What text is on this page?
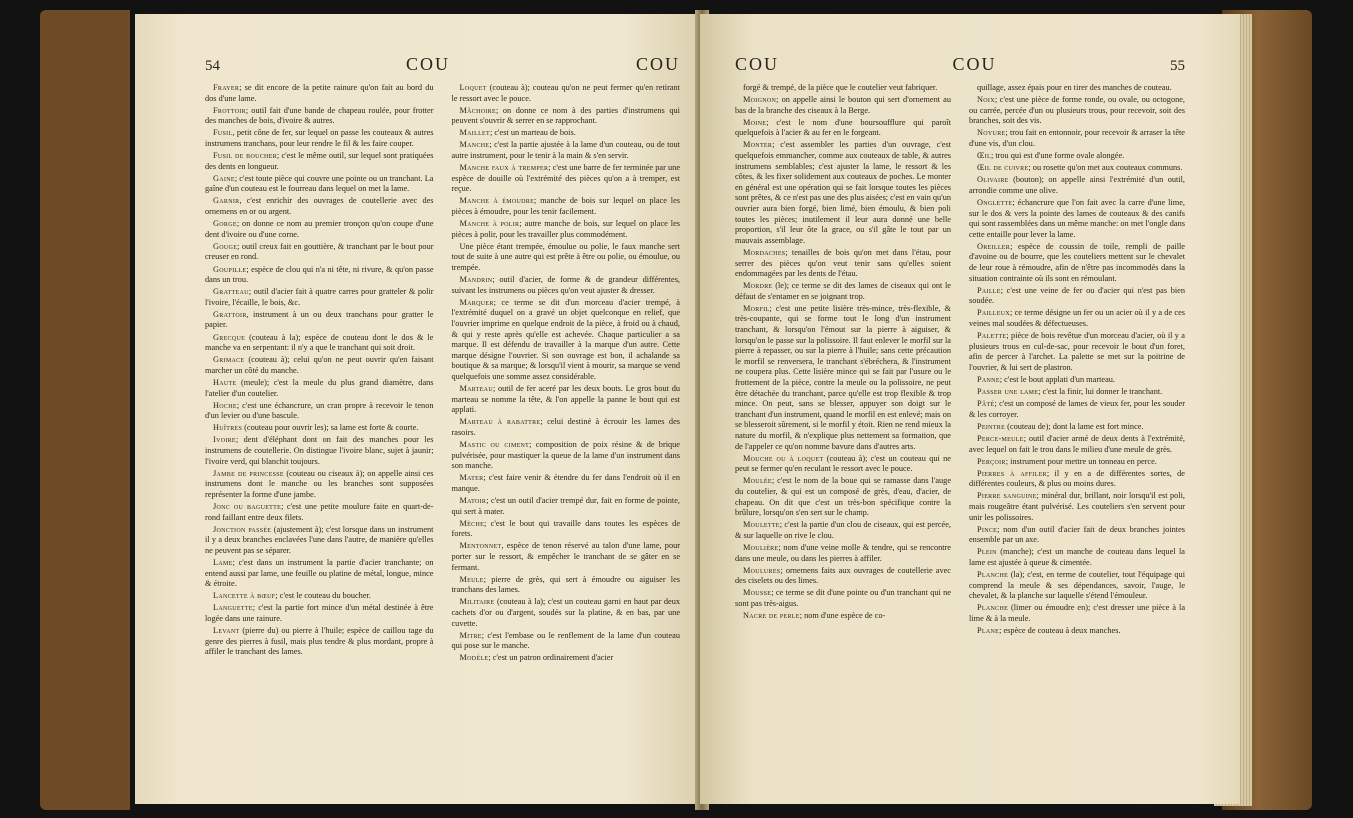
54	COU	COU

Frayer; se dit encore de la petite rainure qu'on fait au bord du dos d'une lame.

Frottoir; outil fait d'une bande de chapeau roulée, pour frotter des manches de bois, d'ivoire & autres.

Fusil, petit cône de fer, sur lequel on passe les couteaux & autres instrumens tranchans, pour leur rendre le fil & les faire couper.

Fusil de boucher; c'est le même outil, sur lequel sont pratiquées des dents en longueur.

Gaine; c'est toute pièce qui couvre une pointe ou un tranchant. La gaîne d'un couteau est le fourreau dans lequel on met la lame.

Garnir, c'est enrichir des ouvrages de coutellerie avec des ornemens en or ou argent.

Gorge; on donne ce nom au premier tronçon qu'on coupe d'une dent d'ivoire ou d'une corne.

Gouge; outil creux fait en gouttière, & tranchant par le bout pour creuser en rond.

Goupille; espèce de clou qui n'a ni tête, ni rivure, & qu'on passe dans un trou.

Gratteau; outil d'acier fait à quatre carres pour gratteler & polir l'ivoire, l'écaille, le bois, &c.

Grattoir, instrument à un ou deux tranchans pour gratter le papier.

Grecque (couteau à la); espèce de couteau dont le dos & le manche va en serpentant: il n'y a que le tranchant qui soit droit.

Grimace (couteau à); celui qu'on ne peut ouvrir qu'en faisant marcher un côté du manche.

Haute (meule); c'est la meule du plus grand diamètre, dans l'atelier d'un coutelier.

Hoche; c'est une échancrure, un cran propre à recevoir le tenon d'un levier ou d'une bascule.

Huîtres (couteau pour ouvrir les); sa lame est forte & courte.

Ivoire; dent d'éléphant dont on fait des manches pour les instrumens de coutellerie. On distingue l'ivoire blanc, sujet à jaunir; l'ivoire verd, qui blanchit toujours.

Jambe de princesse (couteau ou ciseaux à); on appelle ainsi ces instrumens dont le manche ou les branches sont supposées représenter la forme d'une jambe.

Jonc ou baguette; c'est une petite moulure faite en quart-de-rond faillant entre deux filets.

Jonction passée (ajustement à); c'est lorsque dans un instrument il y a deux branches enclavées l'une dans l'autre, de manière qu'elles ne peuvent pas se séparer.

Lame; c'est dans un instrument la partie d'acier tranchante; on entend aussi par lame, une feuille ou platine de métal, longue, mince & étroite.

Lancette à bœuf; c'est le couteau du boucher.

Languette; c'est la partie fort mince d'un métal destinée à être logée dans une rainure.

Levant (pierre du) ou pierre à l'huile; espèce de caillou tage du genre des pierres à fusil, mais plus tendre & plus mordant, propre à affiler le tranchant des lames.

Loquet (couteau à); couteau qu'on ne peut fermer qu'en retirant le ressort avec le pouce.

Mâchoire; on donne ce nom à des parties d'instrumens qui peuvent s'ouvrir & serrer en se rapprochant.

Maillet; c'est un marteau de bois.

Manche; c'est la partie ajustée à la lame d'un couteau, ou de tout autre instrument, pour le tenir à la main & s'en servir.

Manche faux à tremper; c'est une barre de fer terminée par une espèce de douille où l'extrémité des pièces qu'on a à tremper, est reçue.

Manche à émoudre; manche de bois sur lequel on place les pièces à émoudre, pour les tenir facilement.

Manche à polir; autre manche de bois, sur lequel on place les pièces à polir, pour les travailler plus commodément.

Une pièce étant trempée, émoulue ou polie, le faux manche sert tout de suite à une autre qui est prête à être ou polie, ou émoulue, ou trempée.

Mandrin; outil d'acier, de forme & de grandeur différentes, suivant les instrumens ou pièces qu'on veut ajuster & dresser.

Marquer; ce terme se dit d'un morceau d'acier trempé, à l'extrémité duquel on a gravé un objet quelconque en relief, que l'ouvrier imprime en quelque endroit de la pièce, à froid ou à chaud, & qui y reste après qu'elle est achevée. Chaque particulier a sa marque. Il est défendu de travailler à la marque d'un autre. Cette marque désigne l'ouvrier. Si son ouvrage est bon, il achalande sa boutique & sa marque; & lorsqu'il vient à mourir, sa marque se vend quelquefois une somme assez considérable.

Marteau; outil de fer aceré par les deux bouts. Le gros bout du marteau se nomme la tête, & l'on appelle la panne le bout qui est applati.

Marteau à rabattre; celui destiné à écrouir les lames des rasoirs.

Mastic ou ciment; composition de poix résine & de brique pulvérisée, pour mastiquer la queue de la lame d'un instrument dans son manche.

Mater; c'est faire venir & étendre du fer dans l'endroit où il en manque.

Matoir; c'est un outil d'acier trempé dur, fait en forme de pointe, qui sert à mater.

Mèche; c'est le bout qui travaille dans toutes les espèces de forets.

Mentonnet, espèce de tenon réservé au talon d'une lame, pour porter sur le ressort, & empêcher le tranchant de se gâter en se fermant.

Meule; pierre de grès, qui sert à émoudre ou aiguiser les tranchans des lames.

Militaire (couteau à la); c'est un couteau garni en haut par deux cachets d'or ou d'argent, soudés sur la platine, & en bas, par une cuvette.

Mitre; c'est l'embase ou le renflement de la lame d'un couteau qui pose sur le manche.

Modèle; c'est un patron ordinairement d'acier

COU	COU	55

forgé & trempé, de la pièce que le coutelier veut fabriquer.

Moignon; on appelle ainsi le bouton qui sert d'ornement au bas de la branche des ciseaux à la Berge.

Moine; c'est le nom d'une boursoufflure qui paroît quelquefois à l'acier & au fer en le forgeant.

Monter; c'est assembler les parties d'un ouvrage, c'est quelquefois emmancher, comme aux couteaux de table, & autres instrumens semblables; c'est ajuster la lame, le ressort & les côtes, & les fixer solidement aux couteaux de poches. Le monter en général est une opération qui se fait lorsque toutes les pièces sont prêtes, & ce n'est pas une des plus aisées; c'est en vain qu'un ouvrier aura bien forgé, bien limé, bien émoulu, & bien poli toutes les pièces; inutilement il leur aura donné une belle proportion, s'il leur ôte la grace, ou s'il gâte le tout par un mauvais assemblage.

Mordaches; tenailles de bois qu'on met dans l'étau, pour serrer des pièces qu'on veut tenir sans qu'elles soient endommagées par les dents de l'étau.

Mordre (le); ce terme se dit des lames de ciseaux qui ont le défaut de s'entamer en se joignant trop.

Morfil; c'est une petite lisière très-mince, très-flexible, & très-coupante, qui se forme tout le long d'un instrument tranchant, & lorsqu'on l'émout sur la pierre à aiguiser, & lorsqu'on le passe sur la polissoire. Il faut enlever le morfil sur la pierre à repasser, ou sur la pierre à l'huile; sans cette précaution le morfil se renversera, le tranchant s'ébréchera, & l'instrument ne coupera plus. Cette lisière mince qui se fait par l'usure ou le frottement de la pièce, contre la meule ou la polissoire, ne peut être détachée du tranchant, parce qu'elle est trop flexible & trop mince. On peut, sans se blesser, appuyer son doigt sur le tranchant d'un instrument, quand le morfil en est enlevé; mais on se blesseroit sûrement, si le morfil y étoit. Rien ne rend mieux la nature du morfil, & n'explique plus nettement sa formation, que de l'appeler ce qu'on nomme bavure dans d'autres arts.

Mouche ou à loquet (couteau à); c'est un couteau qui ne peut se fermer qu'en reculant le ressort avec le pouce.

Moulée; c'est le nom de la boue qui se ramasse dans l'auge du coutelier, & qui est un composé de grès, d'eau, d'acier, de chapeau. On dit que c'est un très-bon spécifique contre la brûlure, lorsqu'on s'en sert sur le champ.

Moulette; c'est la partie d'un clou de ciseaux, qui est percée, & sur laquelle on rive le clou.

Moulière; nom d'une veine molle & tendre, qui se rencontre dans une meule, ou dans les pierres à affiler.

Moulures; ornemens faits aux ouvrages de coutellerie avec des ciselets ou des limes.

Mousse; ce terme se dit d'une pointe ou d'un tranchant qui ne sont pas très-aigus.

Nacre de perle; nom d'une espèce de co-

quillage, assez épais pour en tirer des manches de couteau.

Noix; c'est une pièce de forme ronde, ou ovale, ou octogone, ou carrée, percée d'un ou plusieurs trous, pour recevoir, soit des branches, soit des vis.

Noyure; trou fait en entonnoir, pour recevoir & arraser la tête d'une vis, d'un clou.

Œil; trou qui est d'une forme ovale alongée.

Œil de cuivre; ou rosette qu'on met aux couteaux communs.

Olivaire (bouton); on appelle ainsi l'extrémité d'un outil, arrondie comme une olive.

Onglette; échancrure que l'on fait avec la carre d'une lime, sur le dos & vers la pointe des lames de couteaux & des canifs qui sont rassemblées dans un même manche: on met l'ongle dans cette entaille pour lever la lame.

Oreiller; espèce de coussin de toile, rempli de paille d'avoine ou de bourre, que les couteliers mettent sur le chevalet de leur roue à rémoudre, afin de n'être pas incommodés dans la situation contrainte où ils sont en rémoulant.

Paille; c'est une veine de fer ou d'acier qui n'est pas bien soudée.

Pailleux; ce terme désigne un fer ou un acier où il y a de ces veines mal soudées & défectueuses.

Palette; pièce de bois revêtue d'un morceau d'acier, où il y a plusieurs trous en cul-de-sac, pour recevoir le bout d'un foret, afin de percer à l'archet. La palette se met sur la poitrine de l'ouvrier, & lui sert de plastron.

Panne; c'est le bout applati d'un marteau.

Passer une lame; c'est la finir, lui donner le tranchant.

Pâté; c'est un composé de lames de vieux fer, pour les souder & les corroyer.

Peintre (couteau de); dont la lame est fort mince.

Perce-meule; outil d'acier armé de deux dents à l'extrémité, avec lequel on fait le trou dans le milieu d'une meule de grès.

Perçoir; instrument pour mettre un tonneau en perce.

Pierres à affiler; il y en a de différentes sortes, de différentes couleurs, & plus ou moins dures.

Pierre sanguine; minéral dur, brillant, noir lorsqu'il est poli, mais rougeâtre étant pulvérisé. Les couteliers s'en servent pour unir les polissoires.

Pince; nom d'un outil d'acier fait de deux branches jointes ensemble par un axe.

Plein (manche); c'est un manche de couteau dans lequel la lame est ajustée à queue & cimentée.

Planche (la); c'est, en terme de coutelier, tout l'équipage qui comprend la meule & ses dépendances, savoir, l'auge, le chevalet, & la planche sur laquelle s'étend l'émouleur.

Planche (limer ou émoudre en); c'est dresser une pièce à la lime & à la meule.

Plane; espèce de couteau à deux manches.
